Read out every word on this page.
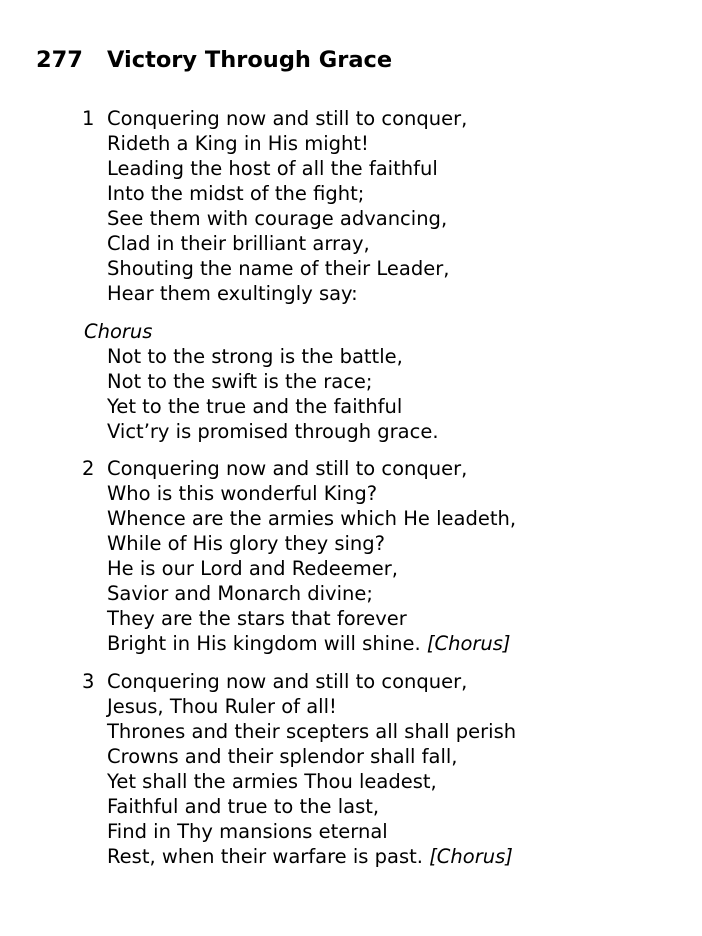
277 Victory Through Grace
1 Conquering now and still to conquer,
Rideth a King in His might!
Leading the host of all the faithful
Into the midst of the fight;
See them with courage advancing,
Clad in their brilliant array,
Shouting the name of their Leader,
Hear them exultingly say:
Chorus
Not to the strong is the battle,
Not to the swift is the race;
Yet to the true and the faithful
Vict’ry is promised through grace.
2 Conquering now and still to conquer,
Who is this wonderful King?
Whence are the armies which He leadeth,
While of His glory they sing?
He is our Lord and Redeemer,
Savior and Monarch divine;
They are the stars that forever
Bright in His kingdom will shine. [Chorus]
3 Conquering now and still to conquer,
Jesus, Thou Ruler of all!
Thrones and their scepters all shall perish
Crowns and their splendor shall fall,
Yet shall the armies Thou leadest,
Faithful and true to the last,
Find in Thy mansions eternal
Rest, when their warfare is past. [Chorus]
